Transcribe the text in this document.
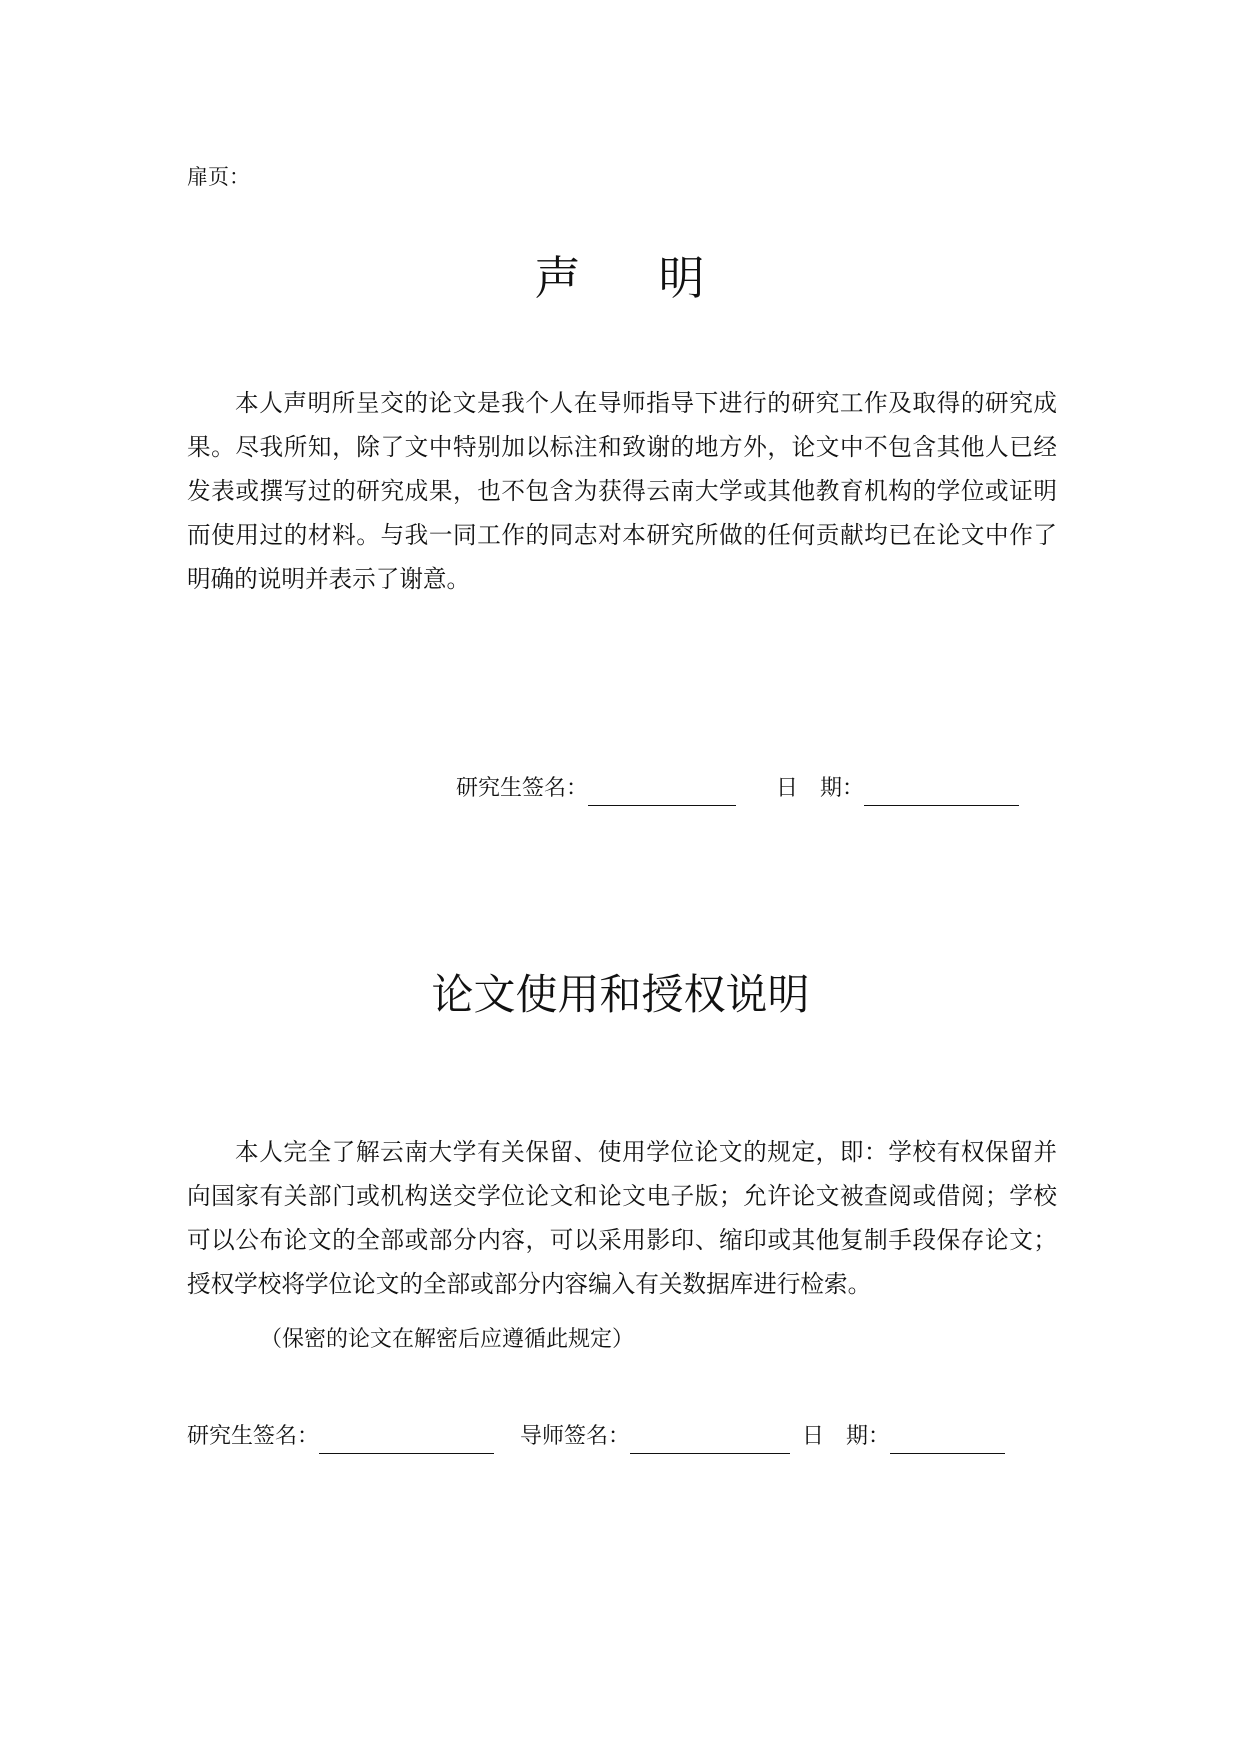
扉页：
声 明
本人声明所呈交的论文是我个人在导师指导下进行的研究工作及取得的研究成果。尽我所知，除了文中特别加以标注和致谢的地方外，论文中不包含其他人已经发表或撰写过的研究成果，也不包含为获得云南大学或其他教育机构的学位或证明而使用过的材料。与我一同工作的同志对本研究所做的任何贡献均已在论文中作了明确的说明并表示了谢意。
研究生签名：	日　期：
论文使用和授权说明
本人完全了解云南大学有关保留、使用学位论文的规定，即：学校有权保留并向国家有关部门或机构送交学位论文和论文电子版；允许论文被查阅或借阅；学校可以公布论文的全部或部分内容，可以采用影印、缩印或其他复制手段保存论文；授权学校将学位论文的全部或部分内容编入有关数据库进行检索。
（保密的论文在解密后应遵循此规定）
研究生签名：	导师签名：	日　期：
